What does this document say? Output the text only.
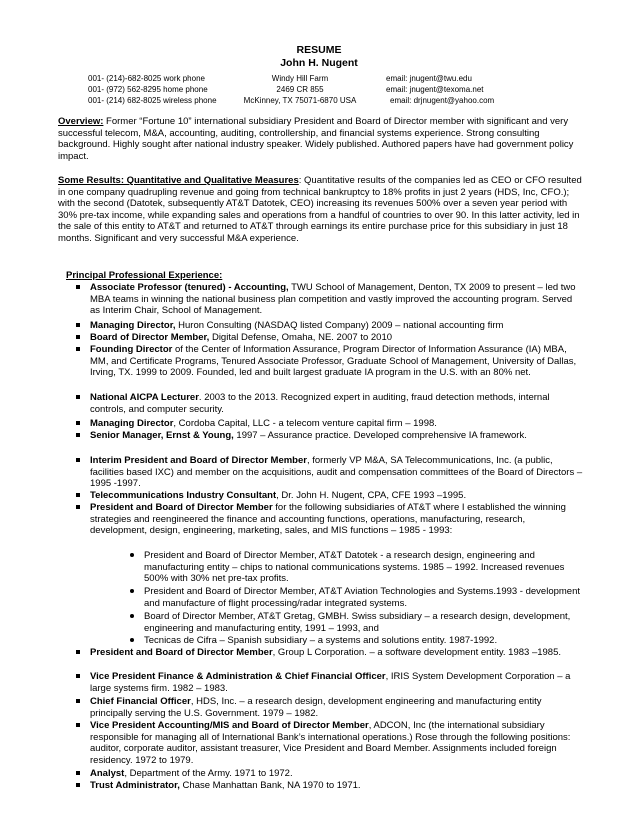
RESUME
John H. Nugent
001- (214)-682-8025 work phone
001- (972) 562-8295 home phone
001- (214) 682-8025 wireless phone
Windy Hill Farm
2469 CR 855
McKinney, TX 75071-6870 USA
email: jnugent@twu.edu
email: jnugent@texoma.net
email: drjnugent@yahoo.com
Overview: Former “Fortune 10” international subsidiary President and Board of Director member with significant and very successful telecom, M&A, accounting, auditing, controllership, and financial systems experience. Strong consulting background. Highly sought after national industry speaker. Widely published. Authored papers have had government policy impact.
Some Results: Quantitative and Qualitative Measures: Quantitative results of the companies led as CEO or CFO resulted in one company quadrupling revenue and going from technical bankruptcy to 18% profits in just 2 years (HDS, Inc, CFO.); with the second (Datotek, subsequently AT&T Datotek, CEO) increasing its revenues 500% over a seven year period with 30% pre-tax income, while expanding sales and operations from a handful of countries to over 90. In this latter activity, led in the sale of this entity to AT&T and returned to AT&T through earnings its entire purchase price for this subsidiary in just 18 months. Significant and very successful M&A experience.
Principal Professional Experience:
Associate Professor (tenured) - Accounting, TWU School of Management, Denton, TX 2009 to present – led two MBA teams in winning the national business plan competition and vastly improved the accounting program. Served as Interim Chair, School of Management.
Managing Director, Huron Consulting (NASDAQ listed Company) 2009 – national accounting firm
Board of Director Member, Digital Defense, Omaha, NE. 2007 to 2010
Founding Director of the Center of Information Assurance, Program Director of Information Assurance (IA) MBA, MM, and Certificate Programs, Tenured Associate Professor, Graduate School of Management, University of Dallas, Irving, TX. 1999 to 2009. Founded, led and built largest graduate IA program in the U.S. with an 80% net.
National AICPA Lecturer. 2003 to the 2013. Recognized expert in auditing, fraud detection methods, internal controls, and computer security.
Managing Director, Cordoba Capital, LLC - a telecom venture capital firm – 1998.
Senior Manager, Ernst & Young, 1997 – Assurance practice. Developed comprehensive IA framework.
Interim President and Board of Director Member, formerly VP M&A, SA Telecommunications, Inc. (a public, facilities based IXC) and member on the acquisitions, audit and compensation committees of the Board of Directors – 1995 -1997.
Telecommunications Industry Consultant, Dr. John H. Nugent, CPA, CFE 1993 –1995.
President and Board of Director Member for the following subsidiaries of AT&T where I established the winning strategies and reengineered the finance and accounting functions, operations, manufacturing, research, development, design, engineering, marketing, sales, and MIS functions – 1985 - 1993:
President and Board of Director Member, AT&T Datotek - a research design, engineering and manufacturing entity – chips to national communications systems. 1985 – 1992. Increased revenues 500% with 30% net pre-tax profits.
President and Board of Director Member, AT&T Aviation Technologies and Systems.1993 - development and manufacture of flight processing/radar integrated systems.
Board of Director Member, AT&T Gretag, GMBH. Swiss subsidiary – a research design, development, engineering and manufacturing entity, 1991 – 1993, and
Tecnicas de Cifra – Spanish subsidiary – a systems and solutions entity. 1987-1992.
President and Board of Director Member, Group L Corporation. – a software development entity. 1983 –1985.
Vice President Finance & Administration & Chief Financial Officer, IRIS System Development Corporation – a large systems firm. 1982 – 1983.
Chief Financial Officer, HDS, Inc. – a research design, development engineering and manufacturing entity principally serving the U.S. Government. 1979 – 1982.
Vice President Accounting/MIS and Board of Director Member, ADCON, Inc (the international subsidiary responsible for managing all of International Bank’s international operations.) Rose through the following positions: auditor, corporate auditor, assistant treasurer, Vice President and Board Member. Assignments included foreign residency. 1972 to 1979.
Analyst, Department of the Army. 1971 to 1972.
Trust Administrator, Chase Manhattan Bank, NA 1970 to 1971.
